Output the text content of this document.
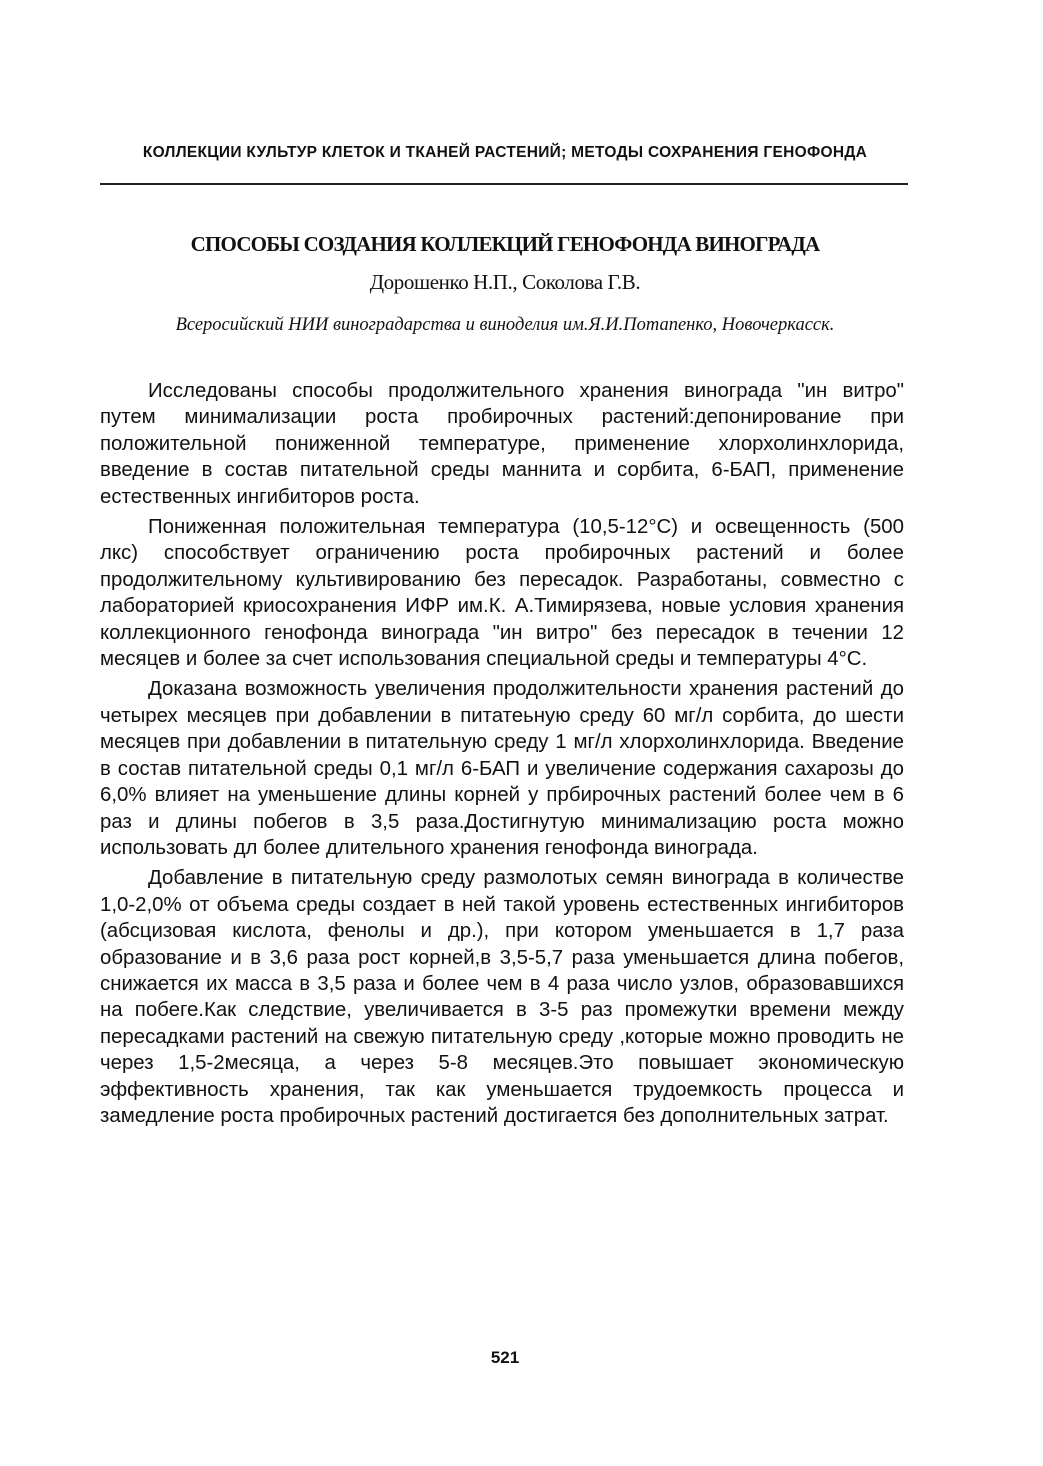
КОЛЛЕКЦИИ КУЛЬТУР КЛЕТОК И ТКАНЕЙ РАСТЕНИЙ; МЕТОДЫ СОХРАНЕНИЯ ГЕНОФОНДА
СПОСОБЫ СОЗДАНИЯ КОЛЛЕКЦИЙ ГЕНОФОНДА ВИНОГРАДА
Дорошенко Н.П., Соколова Г.В.
Всеросийский НИИ виноградарства и виноделия им.Я.И.Потапенко, Новочеркасск.

Исследованы способы продолжительного хранения винограда "ин витро" путем минимализации роста пробирочных растений:депонирование при положительной пониженной температуре, применение хлорхолинхлорида, введение в состав питательной среды маннита и сорбита, 6-БАП, применение естественных ингибиторов роста.

Пониженная положительная температура (10,5-12°С) и освещенность (500 лкс) способствует ограничению роста пробирочных растений и более продолжительному культивированию без пересадок. Разработаны, совместно с лабораторией криосохранения ИФР им.К. А.Тимирязева, новые условия хранения коллекционного генофонда винограда "ин витро" без пересадок в течении 12 месяцев и более за счет использования специальной среды и температуры 4°С.

Доказана возможность увеличения продолжительности хранения растений до четырех месяцев при добавлении в питатеьную среду 60 мг/л сорбита, до шести месяцев при добавлении в питательную среду 1 мг/л хлорхолинхлорида. Введение в состав питательной среды 0,1 мг/л 6-БАП и увеличение содержания сахарозы до 6,0% влияет на уменьшение длины корней у прбирочных растений более чем в 6 раз и длины побегов в 3,5 раза.Достигнутую минимализацию роста можно использовать дл более длительного хранения генофонда винограда.

Добавление в питательную среду размолотых семян винограда в количестве 1,0-2,0% от объема среды создает в ней такой уровень естественных ингибиторов (абсцизовая кислота, фенолы и др.), при котором уменьшается в 1,7 раза образование и в 3,6 раза рост корней,в 3,5-5,7 раза уменьшается длина побегов, снижается их масса в 3,5 раза и более чем в 4 раза число узлов, образовавшихся на побеге.Как следствие, увеличивается в 3-5 раз промежутки времени между пересадками растений на свежую питательную среду ,которые можно проводить не через 1,5-2месяца, а через 5-8 месяцев.Это повышает экономическую эффективность хранения, так как уменьшается трудоемкость процесса и замедление роста пробирочных растений достигается без дополнительных затрат.

521
